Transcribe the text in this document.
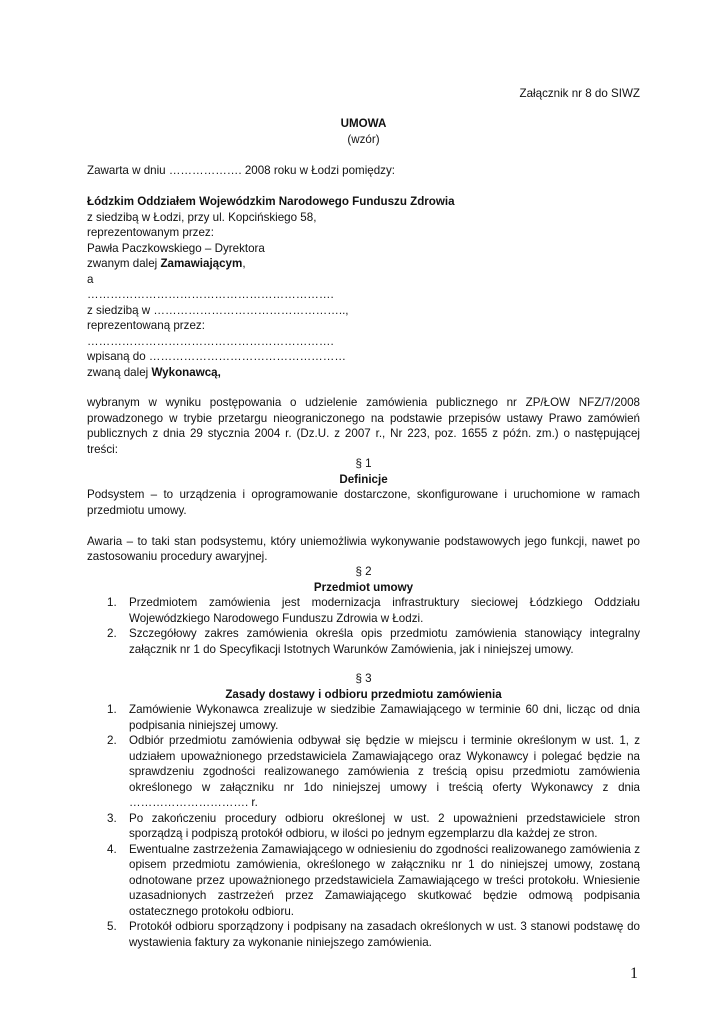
Załącznik nr 8 do SIWZ
UMOWA
(wzór)
Zawarta w dniu ………………. 2008 roku w Łodzi pomiędzy:
Łódzkim Oddziałem Wojewódzkim Narodowego Funduszu Zdrowia
z siedzibą w Łodzi, przy ul. Kopcińskiego 58,
reprezentowanym przez:
Pawła Paczkowskiego – Dyrektora
zwanym dalej Zamawiającym,
a
……………………………………………………….
z siedzibą w …………………………………………..,
reprezentowaną przez:
……………………………………………………….
wpisaną do ……………………………………………
zwaną dalej Wykonawcą,
wybranym w wyniku postępowania o udzielenie zamówienia publicznego nr ZP/ŁOW NFZ/7/2008 prowadzonego w trybie przetargu nieograniczonego na podstawie przepisów ustawy Prawo zamówień publicznych z dnia 29 stycznia 2004 r. (Dz.U. z 2007 r., Nr 223, poz. 1655 z późn. zm.) o następującej treści:
§ 1
Definicje
Podsystem – to urządzenia i oprogramowanie dostarczone, skonfigurowane i uruchomione w ramach przedmiotu umowy.
Awaria – to taki stan podsystemu, który uniemożliwia wykonywanie podstawowych jego funkcji, nawet po zastosowaniu procedury awaryjnej.
§ 2
Przedmiot umowy
1. Przedmiotem zamówienia jest modernizacja infrastruktury sieciowej Łódzkiego Oddziału Wojewódzkiego Narodowego Funduszu Zdrowia w Łodzi.
2. Szczegółowy zakres zamówienia określa opis przedmiotu zamówienia stanowiący integralny załącznik nr 1 do Specyfikacji Istotnych Warunków Zamówienia, jak i niniejszej umowy.
§ 3
Zasady dostawy i odbioru przedmiotu zamówienia
1. Zamówienie Wykonawca zrealizuje w siedzibie Zamawiającego w terminie 60 dni, licząc od dnia podpisania niniejszej umowy.
2. Odbiór przedmiotu zamówienia odbywał się będzie w miejscu i terminie określonym w ust. 1, z udziałem upoważnionego przedstawiciela Zamawiającego oraz Wykonawcy i polegać będzie na sprawdzeniu zgodności realizowanego zamówienia z treścią opisu przedmiotu zamówienia określonego w załączniku nr 1do niniejszej umowy i treścią oferty Wykonawcy z dnia …………………………. r.
3. Po zakończeniu procedury odbioru określonej w ust. 2 upoważnieni przedstawiciele stron sporządzą i podpiszą protokół odbioru, w ilości po jednym egzemplarzu dla każdej ze stron.
4. Ewentualne zastrzeżenia Zamawiającego w odniesieniu do zgodności realizowanego zamówienia z opisem przedmiotu zamówienia, określonego w załączniku nr 1 do niniejszej umowy, zostaną odnotowane przez upoważnionego przedstawiciela Zamawiającego w treści protokołu. Wniesienie uzasadnionych zastrzeżeń przez Zamawiającego skutkować będzie odmową podpisania ostatecznego protokołu odbioru.
5. Protokół odbioru sporządzony i podpisany na zasadach określonych w ust. 3 stanowi podstawę do wystawienia faktury za wykonanie niniejszego zamówienia.
1
